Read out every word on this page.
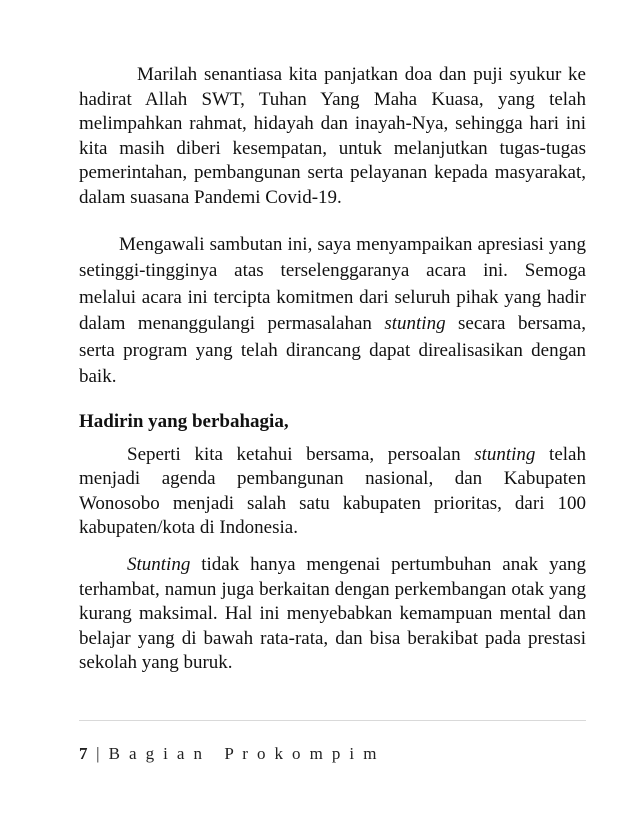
Marilah senantiasa kita panjatkan doa dan puji syukur ke hadirat Allah SWT, Tuhan Yang Maha Kuasa, yang telah melimpahkan rahmat, hidayah dan inayah-Nya, sehingga hari ini kita masih diberi kesempatan, untuk melanjutkan tugas-tugas pemerintahan, pembangunan serta pelayanan kepada masyarakat, dalam suasana Pandemi Covid-19.

Mengawali sambutan ini, saya menyampaikan apresiasi yang setinggi-tingginya atas terselenggaranya acara ini. Semoga melalui acara ini tercipta komitmen dari seluruh pihak yang hadir dalam menanggulangi permasalahan stunting secara bersama, serta program yang telah dirancang dapat direalisasikan dengan baik.

Hadirin yang berbahagia,

Seperti kita ketahui bersama, persoalan stunting telah menjadi agenda pembangunan nasional, dan Kabupaten Wonosobo menjadi salah satu kabupaten prioritas, dari 100 kabupaten/kota di Indonesia.

Stunting tidak hanya mengenai pertumbuhan anak yang terhambat, namun juga berkaitan dengan perkembangan otak yang kurang maksimal. Hal ini menyebabkan kemampuan mental dan belajar yang di bawah rata-rata, dan bisa berakibat pada prestasi sekolah yang buruk.

7 | B a g i a n   P r o k o m p i m
